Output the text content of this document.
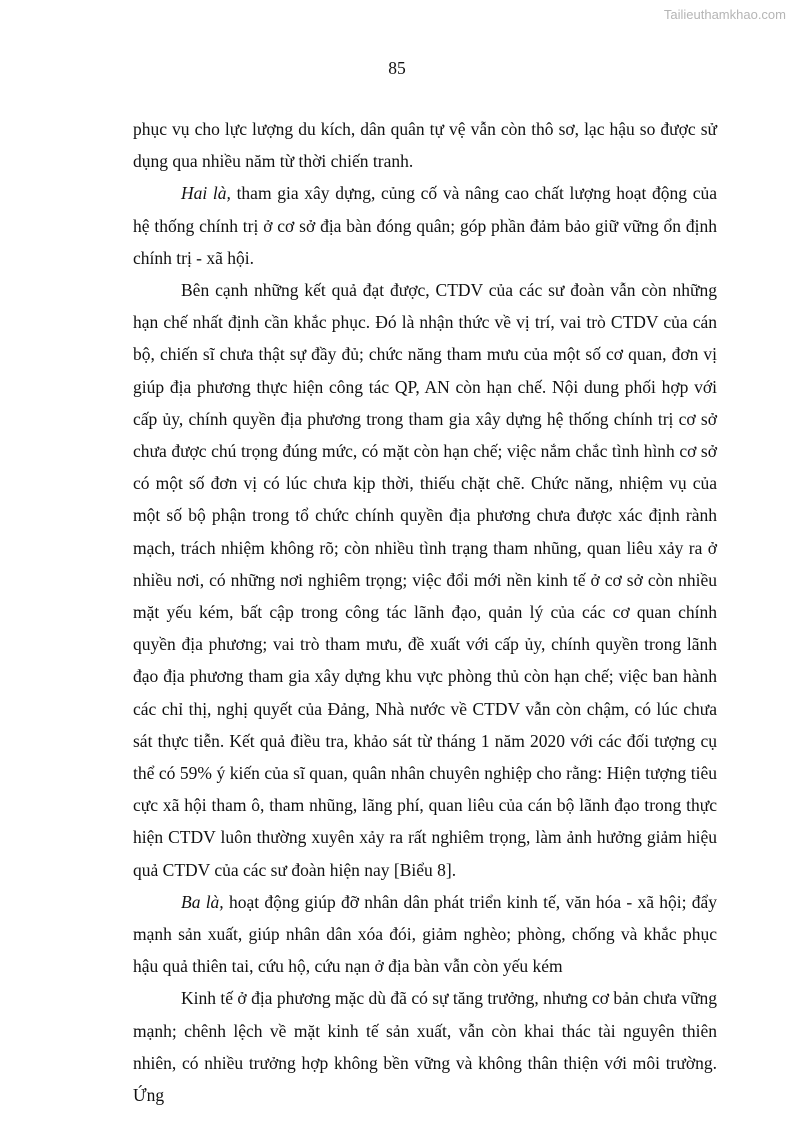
Tailieuthamkhao.com
85

phục vụ cho lực lượng du kích, dân quân tự vệ vẫn còn thô sơ, lạc hậu so được sử dụng qua nhiều năm từ thời chiến tranh.

Hai là, tham gia xây dựng, củng cố và nâng cao chất lượng hoạt động của hệ thống chính trị ở cơ sở địa bàn đóng quân; góp phần đảm bảo giữ vững ổn định chính trị - xã hội.

Bên cạnh những kết quả đạt được, CTDV của các sư đoàn vẫn còn những hạn chế nhất định cần khắc phục. Đó là nhận thức về vị trí, vai trò CTDV của cán bộ, chiến sĩ chưa thật sự đầy đủ; chức năng tham mưu của một số cơ quan, đơn vị giúp địa phương thực hiện công tác QP, AN còn hạn chế. Nội dung phối hợp với cấp ủy, chính quyền địa phương trong tham gia xây dựng hệ thống chính trị cơ sở chưa được chú trọng đúng mức, có mặt còn hạn chế; việc nắm chắc tình hình cơ sở có một số đơn vị có lúc chưa kịp thời, thiếu chặt chẽ. Chức năng, nhiệm vụ của một số bộ phận trong tổ chức chính quyền địa phương chưa được xác định rành mạch, trách nhiệm không rõ; còn nhiều tình trạng tham nhũng, quan liêu xảy ra ở nhiều nơi, có những nơi nghiêm trọng; việc đổi mới nền kinh tế ở cơ sở còn nhiều mặt yếu kém, bất cập trong công tác lãnh đạo, quản lý của các cơ quan chính quyền địa phương; vai trò tham mưu, đề xuất với cấp ủy, chính quyền trong lãnh đạo địa phương tham gia xây dựng khu vực phòng thủ còn hạn chế; việc ban hành các chỉ thị, nghị quyết của Đảng, Nhà nước về CTDV vẫn còn chậm, có lúc chưa sát thực tiễn. Kết quả điều tra, khảo sát từ tháng 1 năm 2020 với các đối tượng cụ thể có 59% ý kiến của sĩ quan, quân nhân chuyên nghiệp cho rằng: Hiện tượng tiêu cực xã hội tham ô, tham nhũng, lãng phí, quan liêu của cán bộ lãnh đạo trong thực hiện CTDV luôn thường xuyên xảy ra rất nghiêm trọng, làm ảnh hưởng giảm hiệu quả CTDV của các sư đoàn hiện nay [Biểu 8].

Ba là, hoạt động giúp đỡ nhân dân phát triển kinh tế, văn hóa - xã hội; đẩy mạnh sản xuất, giúp nhân dân xóa đói, giảm nghèo; phòng, chống và khắc phục hậu quả thiên tai, cứu hộ, cứu nạn ở địa bàn vẫn còn yếu kém

Kinh tế ở địa phương mặc dù đã có sự tăng trưởng, nhưng cơ bản chưa vững mạnh; chênh lệch về mặt kinh tế sản xuất, vẫn còn khai thác tài nguyên thiên nhiên, có nhiều trưởng hợp không bền vững và không thân thiện với môi trường. Ứng
